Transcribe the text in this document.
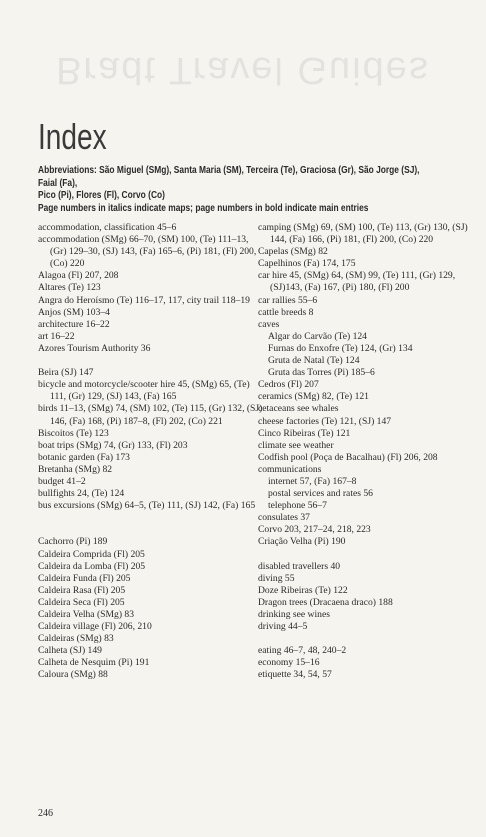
Bradt Travel Guides
Index
Abbreviations: São Miguel (SMg), Santa Maria (SM), Terceira (Te), Graciosa (Gr), São Jorge (SJ), Faial (Fa),
Pico (Pi), Flores (Fl), Corvo (Co)
Page numbers in italics indicate maps; page numbers in bold indicate main entries
accommodation, classification 45–6
accommodation (SMg) 66–70, (SM) 100, (Te) 111–13, (Gr) 129–30, (SJ) 143, (Fa) 165–6, (Pi) 181, (Fl) 200, (Co) 220
Alagoa (Fl) 207, 208
Altares (Te) 123
Angra do Heroísmo (Te) 116–17, 117, city trail 118–19
Anjos (SM) 103–4
architecture 16–22
art 16–22
Azores Tourism Authority 36
Beira (SJ) 147
bicycle and motorcycle/scooter hire 45, (SMg) 65, (Te) 111, (Gr) 129, (SJ) 143, (Fa) 165
birds 11–13, (SMg) 74, (SM) 102, (Te) 115, (Gr) 132, (SJ) 146, (Fa) 168, (Pi) 187–8, (Fl) 202, (Co) 221
Biscoitos (Te) 123
boat trips (SMg) 74, (Gr) 133, (Fl) 203
botanic garden (Fa) 173
Bretanha (SMg) 82
budget 41–2
bullfights 24, (Te) 124
bus excursions (SMg) 64–5, (Te) 111, (SJ) 142, (Fa) 165
Cachorro (Pi) 189
Caldeira Comprida (Fl) 205
Caldeira da Lomba (Fl) 205
Caldeira Funda (Fl) 205
Caldeira Rasa (Fl) 205
Caldeira Seca (Fl) 205
Caldeira Velha (SMg) 83
Caldeira village (Fl) 206, 210
Caldeiras (SMg) 83
Calheta (SJ) 149
Calheta de Nesquim (Pi) 191
Caloura (SMg) 88
camping (SMg) 69, (SM) 100, (Te) 113, (Gr) 130, (SJ) 144, (Fa) 166, (Pi) 181, (Fl) 200, (Co) 220
Capelas (SMg) 82
Capelhinos (Fa) 174, 175
car hire 45, (SMg) 64, (SM) 99, (Te) 111, (Gr) 129, (SJ)143, (Fa) 167, (Pi) 180, (Fl) 200
car rallies 55–6
cattle breeds 8
caves
Algar do Carvão (Te) 124
Furnas do Enxofre (Te) 124, (Gr) 134
Gruta de Natal (Te) 124
Gruta das Torres (Pi) 185–6
Cedros (Fl) 207
ceramics (SMg) 82, (Te) 121
cetaceans see whales
cheese factories (Te) 121, (SJ) 147
Cinco Ribeiras (Te) 121
climate see weather
Codfish pool (Poça de Bacalhau) (Fl) 206, 208
communications
internet 57, (Fa) 167–8
postal services and rates 56
telephone 56–7
consulates 37
Corvo 203, 217–24, 218, 223
Criação Velha (Pi) 190
disabled travellers 40
diving 55
Doze Ribeiras (Te) 122
Dragon trees (Dracaena draco) 188
drinking see wines
driving 44–5
eating 46–7, 48, 240–2
economy 15–16
etiquette 34, 54, 57
246
